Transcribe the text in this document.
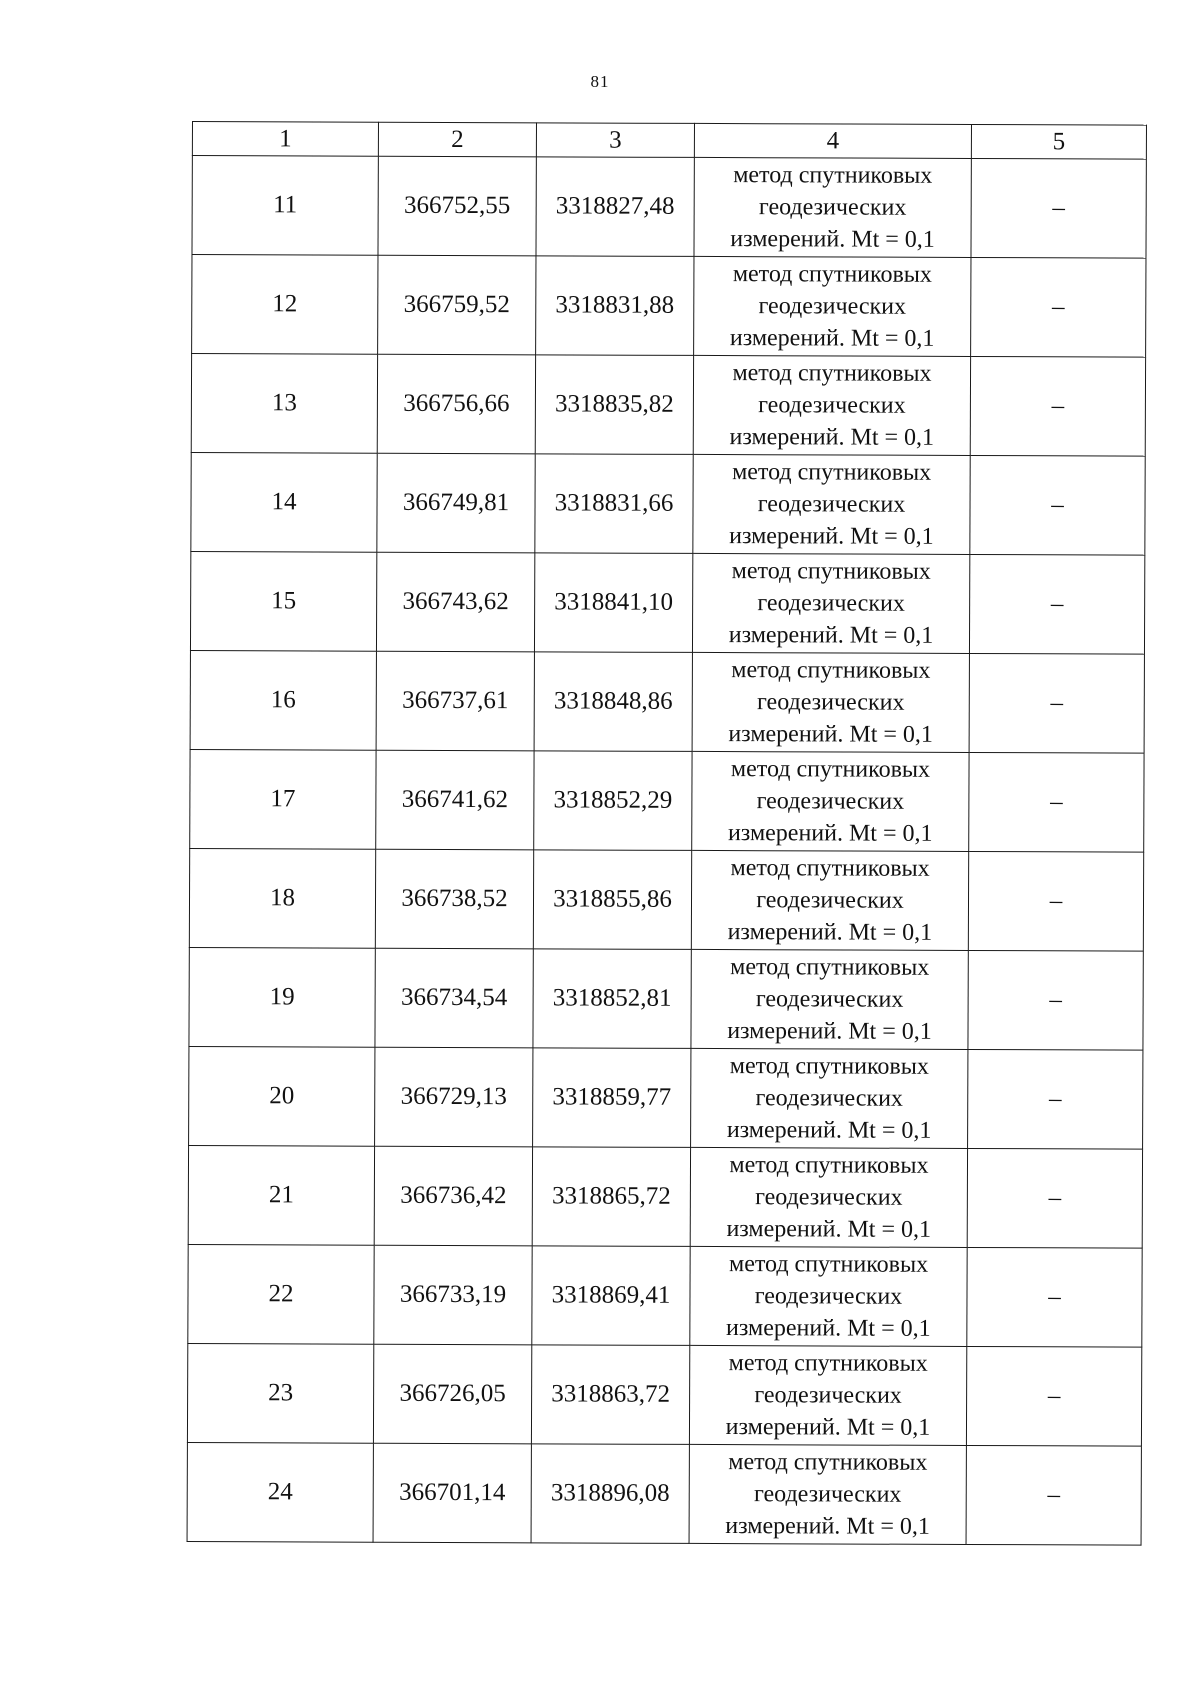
81
1	2	3	4	5
11	366752,55	3318827,48	метод спутниковых
геодезических
измерений. Mt = 0,1	–
12	366759,52	3318831,88	метод спутниковых
геодезических
измерений. Mt = 0,1	–
13	366756,66	3318835,82	метод спутниковых
геодезических
измерений. Mt = 0,1	–
14	366749,81	3318831,66	метод спутниковых
геодезических
измерений. Mt = 0,1	–
15	366743,62	3318841,10	метод спутниковых
геодезических
измерений. Mt = 0,1	–
16	366737,61	3318848,86	метод спутниковых
геодезических
измерений. Mt = 0,1	–
17	366741,62	3318852,29	метод спутниковых
геодезических
измерений. Mt = 0,1	–
18	366738,52	3318855,86	метод спутниковых
геодезических
измерений. Mt = 0,1	–
19	366734,54	3318852,81	метод спутниковых
геодезических
измерений. Mt = 0,1	–
20	366729,13	3318859,77	метод спутниковых
геодезических
измерений. Mt = 0,1	–
21	366736,42	3318865,72	метод спутниковых
геодезических
измерений. Mt = 0,1	–
22	366733,19	3318869,41	метод спутниковых
геодезических
измерений. Mt = 0,1	–
23	366726,05	3318863,72	метод спутниковых
геодезических
измерений. Mt = 0,1	–
24	366701,14	3318896,08	метод спутниковых
геодезических
измерений. Mt = 0,1	–
